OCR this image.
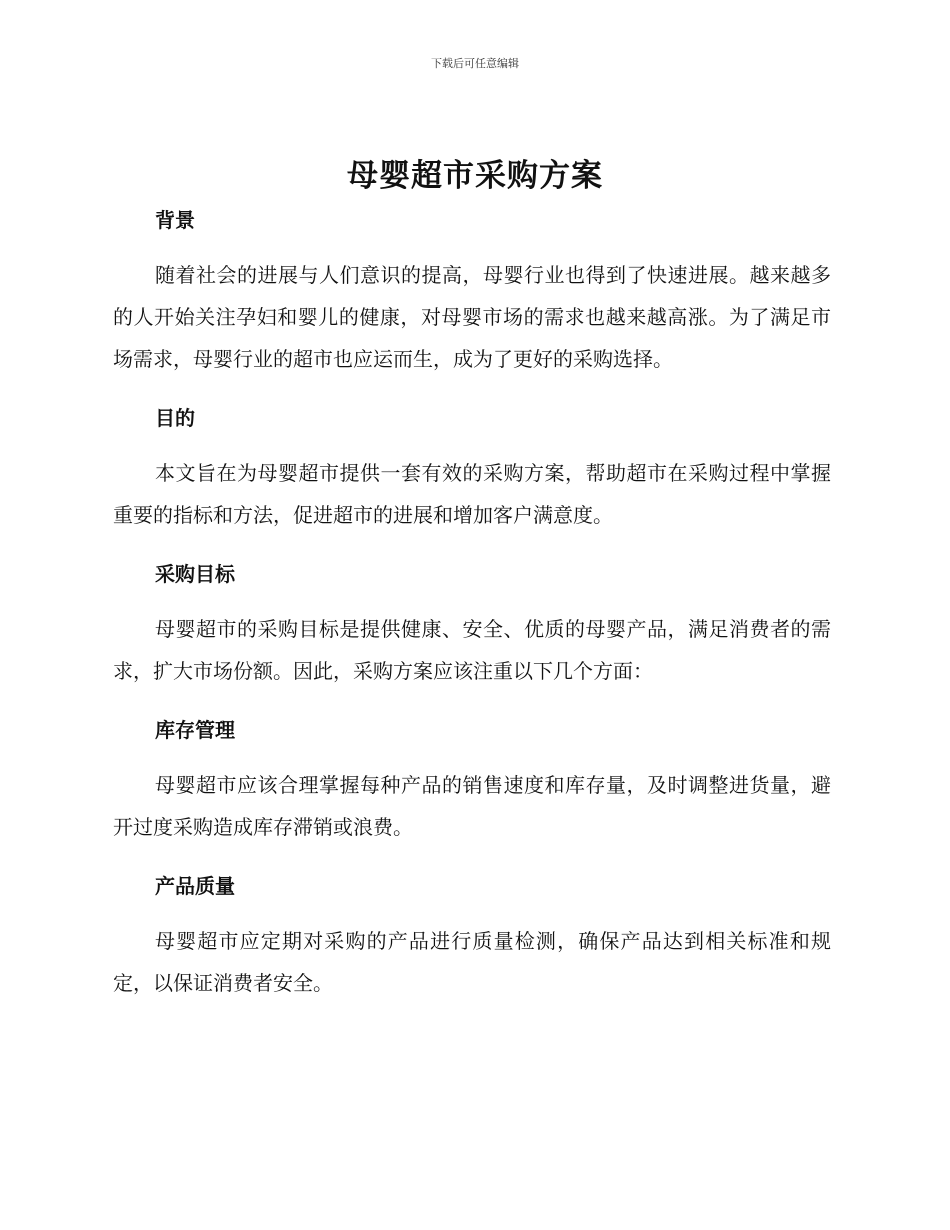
下载后可任意编辑
母婴超市采购方案
背景

随着社会的进展与人们意识的提高，母婴行业也得到了快速进展。越来越多的人开始关注孕妇和婴儿的健康，对母婴市场的需求也越来越高涨。为了满足市场需求，母婴行业的超市也应运而生，成为了更好的采购选择。

目的

本文旨在为母婴超市提供一套有效的采购方案，帮助超市在采购过程中掌握重要的指标和方法，促进超市的进展和增加客户满意度。

采购目标

母婴超市的采购目标是提供健康、安全、优质的母婴产品，满足消费者的需求，扩大市场份额。因此，采购方案应该注重以下几个方面：

库存管理

母婴超市应该合理掌握每种产品的销售速度和库存量，及时调整进货量，避开过度采购造成库存滞销或浪费。

产品质量

母婴超市应定期对采购的产品进行质量检测，确保产品达到相关标准和规定，以保证消费者安全。
